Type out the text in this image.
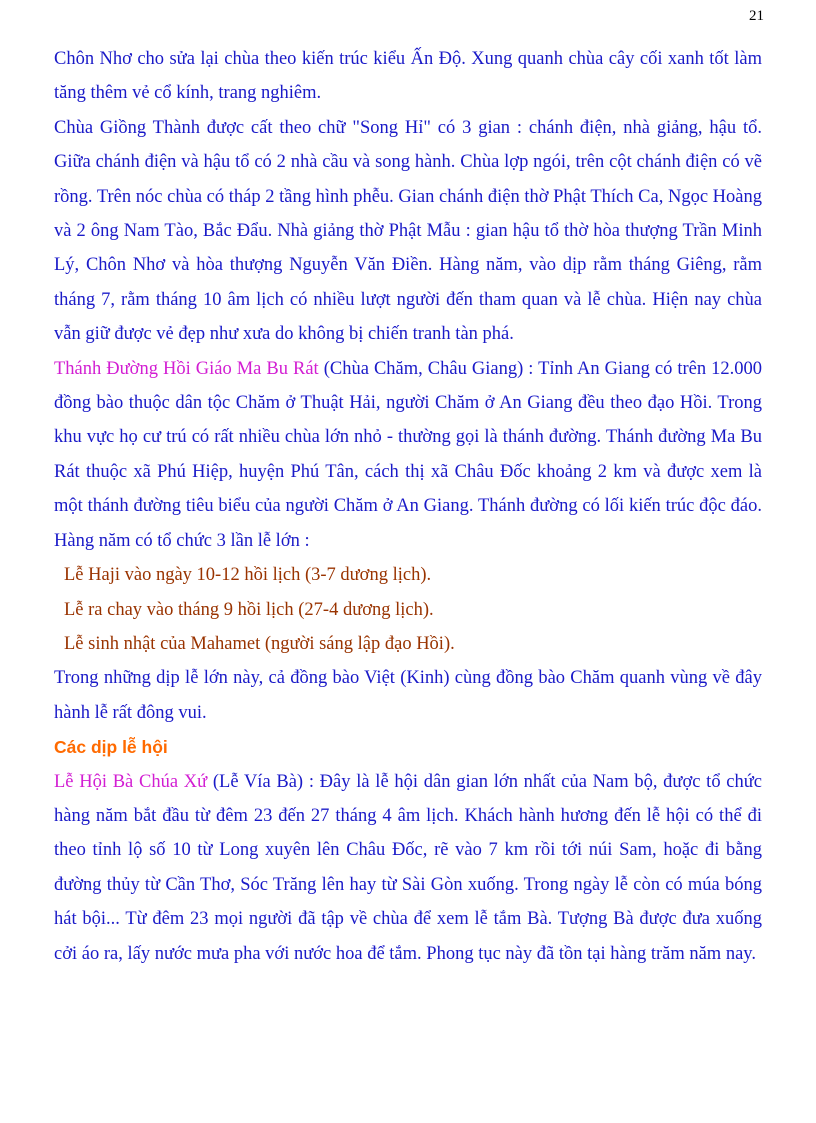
21

Chôn Nhơ cho sửa lại chùa theo kiến trúc kiểu Ấn Độ. Xung quanh chùa cây cối xanh tốt làm tăng thêm vẻ cổ kính, trang nghiêm.

Chùa Giồng Thành được cất theo chữ "Song Hỉ" có 3 gian : chánh điện, nhà giảng, hậu tổ. Giữa chánh điện và hậu tổ có 2 nhà cầu và song hành. Chùa lợp ngói, trên cột chánh điện có vẽ rồng. Trên nóc chùa có tháp 2 tầng hình phễu. Gian chánh điện thờ Phật Thích Ca, Ngọc Hoàng và 2 ông Nam Tào, Bắc Đẩu. Nhà giảng thờ Phật Mẫu : gian hậu tổ thờ hòa thượng Trần Minh Lý, Chôn Nhơ và hòa thượng Nguyễn Văn Điền. Hàng năm, vào dịp rằm tháng Giêng, rằm tháng 7, rằm tháng 10 âm lịch có nhiều lượt người đến tham quan và lễ chùa. Hiện nay chùa vẫn giữ được vẻ đẹp như xưa do không bị chiến tranh tàn phá.

Thánh Đường Hồi Giáo Ma Bu Rát (Chùa Chăm, Châu Giang) : Tỉnh An Giang có trên 12.000 đồng bào thuộc dân tộc Chăm ở Thuật Hải, người Chăm ở An Giang đều theo đạo Hồi. Trong khu vực họ cư trú có rất nhiều chùa lớn nhỏ - thường gọi là thánh đường. Thánh đường Ma Bu Rát thuộc xã Phú Hiệp, huyện Phú Tân, cách thị xã Châu Đốc khoảng 2 km và được xem là một thánh đường tiêu biểu của người Chăm ở An Giang. Thánh đường có lối kiến trúc độc đáo. Hàng năm có tổ chức 3 lần lễ lớn :

Lễ Haji vào ngày 10-12 hồi lịch (3-7 dương lịch).
Lễ ra chay vào tháng 9 hồi lịch (27-4 dương lịch).
Lễ sinh nhật của Mahamet (người sáng lập đạo Hồi).

Trong những dịp lễ lớn này, cả đồng bào Việt (Kinh) cùng đồng bào Chăm quanh vùng về đây hành lễ rất đông vui.

Các dịp lễ hội

Lễ Hội Bà Chúa Xứ (Lễ Vía Bà) : Đây là lễ hội dân gian lớn nhất của Nam bộ, được tổ chức hàng năm bắt đầu từ đêm 23 đến 27 tháng 4 âm lịch. Khách hành hương đến lễ hội có thể đi theo tỉnh lộ số 10 từ Long xuyên lên Châu Đốc, rẽ vào 7 km rồi tới núi Sam, hoặc đi bằng đường thủy từ Cần Thơ, Sóc Trăng lên hay từ Sài Gòn xuống. Trong ngày lễ còn có múa bóng hát bội... Từ đêm 23 mọi người đã tập về chùa để xem lễ tắm Bà. Tượng Bà được đưa xuống cởi áo ra, lấy nước mưa pha với nước hoa để tắm. Phong tục này đã tồn tại hàng trăm năm nay.
